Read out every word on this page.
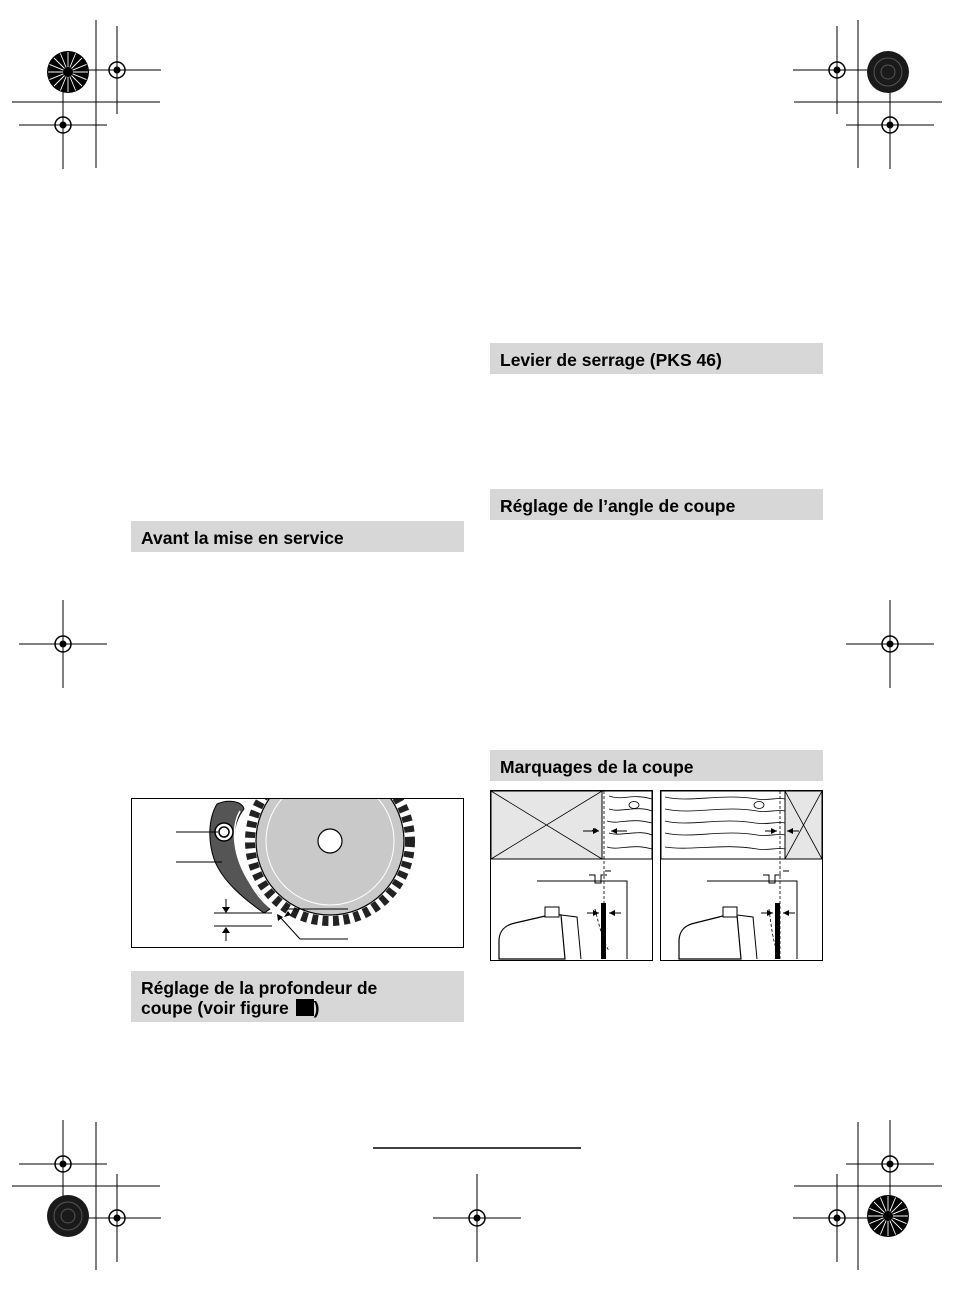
Levier de serrage (PKS 46)
Avant la mise en service
Réglage de l’angle de coupe
Marquages de la coupe
Réglage de la profondeur de
coupe (voir figure )
